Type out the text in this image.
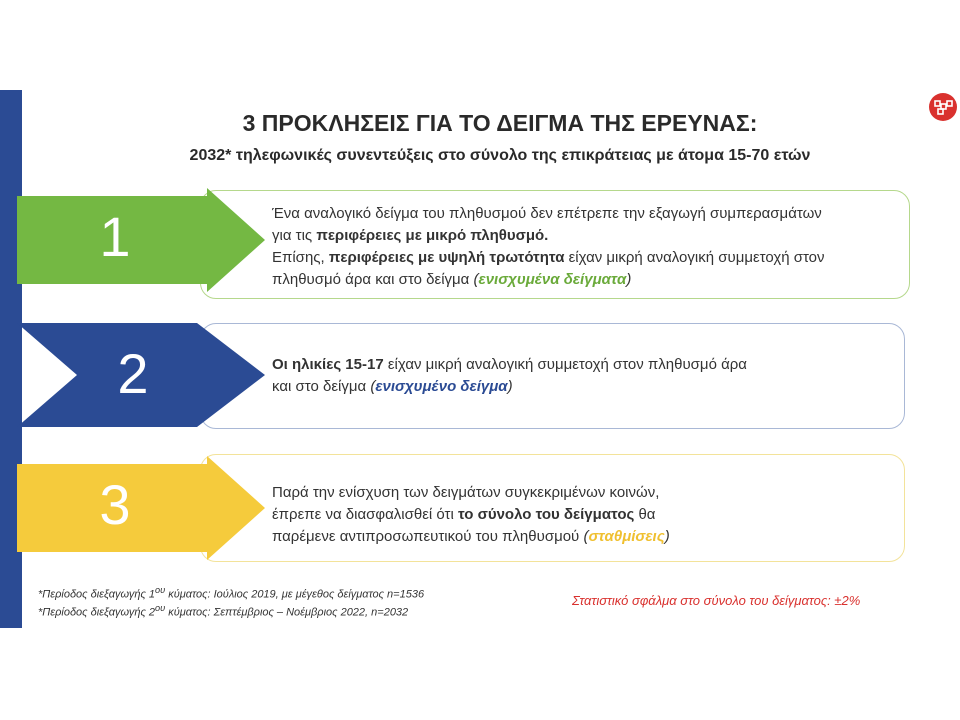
3 ΠΡΟΚΛΗΣΕΙΣ ΓΙΑ ΤΟ ΔΕΙΓΜΑ ΤΗΣ ΕΡΕΥΝΑΣ:
2032* τηλεφωνικές συνεντεύξεις στο σύνολο της επικράτειας με άτομα 15-70 ετών
1	Ένα αναλογικό δείγμα του πληθυσμού δεν επέτρεπε την εξαγωγή συμπερασμάτων
για τις περιφέρειες με μικρό πληθυσμό.
Επίσης, περιφέρειες με υψηλή τρωτότητα είχαν μικρή αναλογική συμμετοχή στον
πληθυσμό άρα και στο δείγμα (ενισχυμένα δείγματα)
2	Οι ηλικίες 15-17 είχαν μικρή αναλογική συμμετοχή στον πληθυσμό άρα
και στο δείγμα (ενισχυμένο δείγμα)
3	Παρά την ενίσχυση των δειγμάτων συγκεκριμένων κοινών,
έπρεπε να διασφαλισθεί ότι το σύνολο του δείγματος θα
παρέμενε αντιπροσωπευτικού του πληθυσμού (σταθμίσεις)
*Περίοδος διεξαγωγής $1^{o\upsilon}$ κύματος: Ιούλιος 2019, με μέγεθος δείγματος n=1536
*Περίοδος διεξαγωγής $2^{o\upsilon}$ κύματος: Σεπτέμβριος – Νοέμβριος 2022, n=2032
Στατιστικό σφάλμα στο σύνολο του δείγματος: ±2%
